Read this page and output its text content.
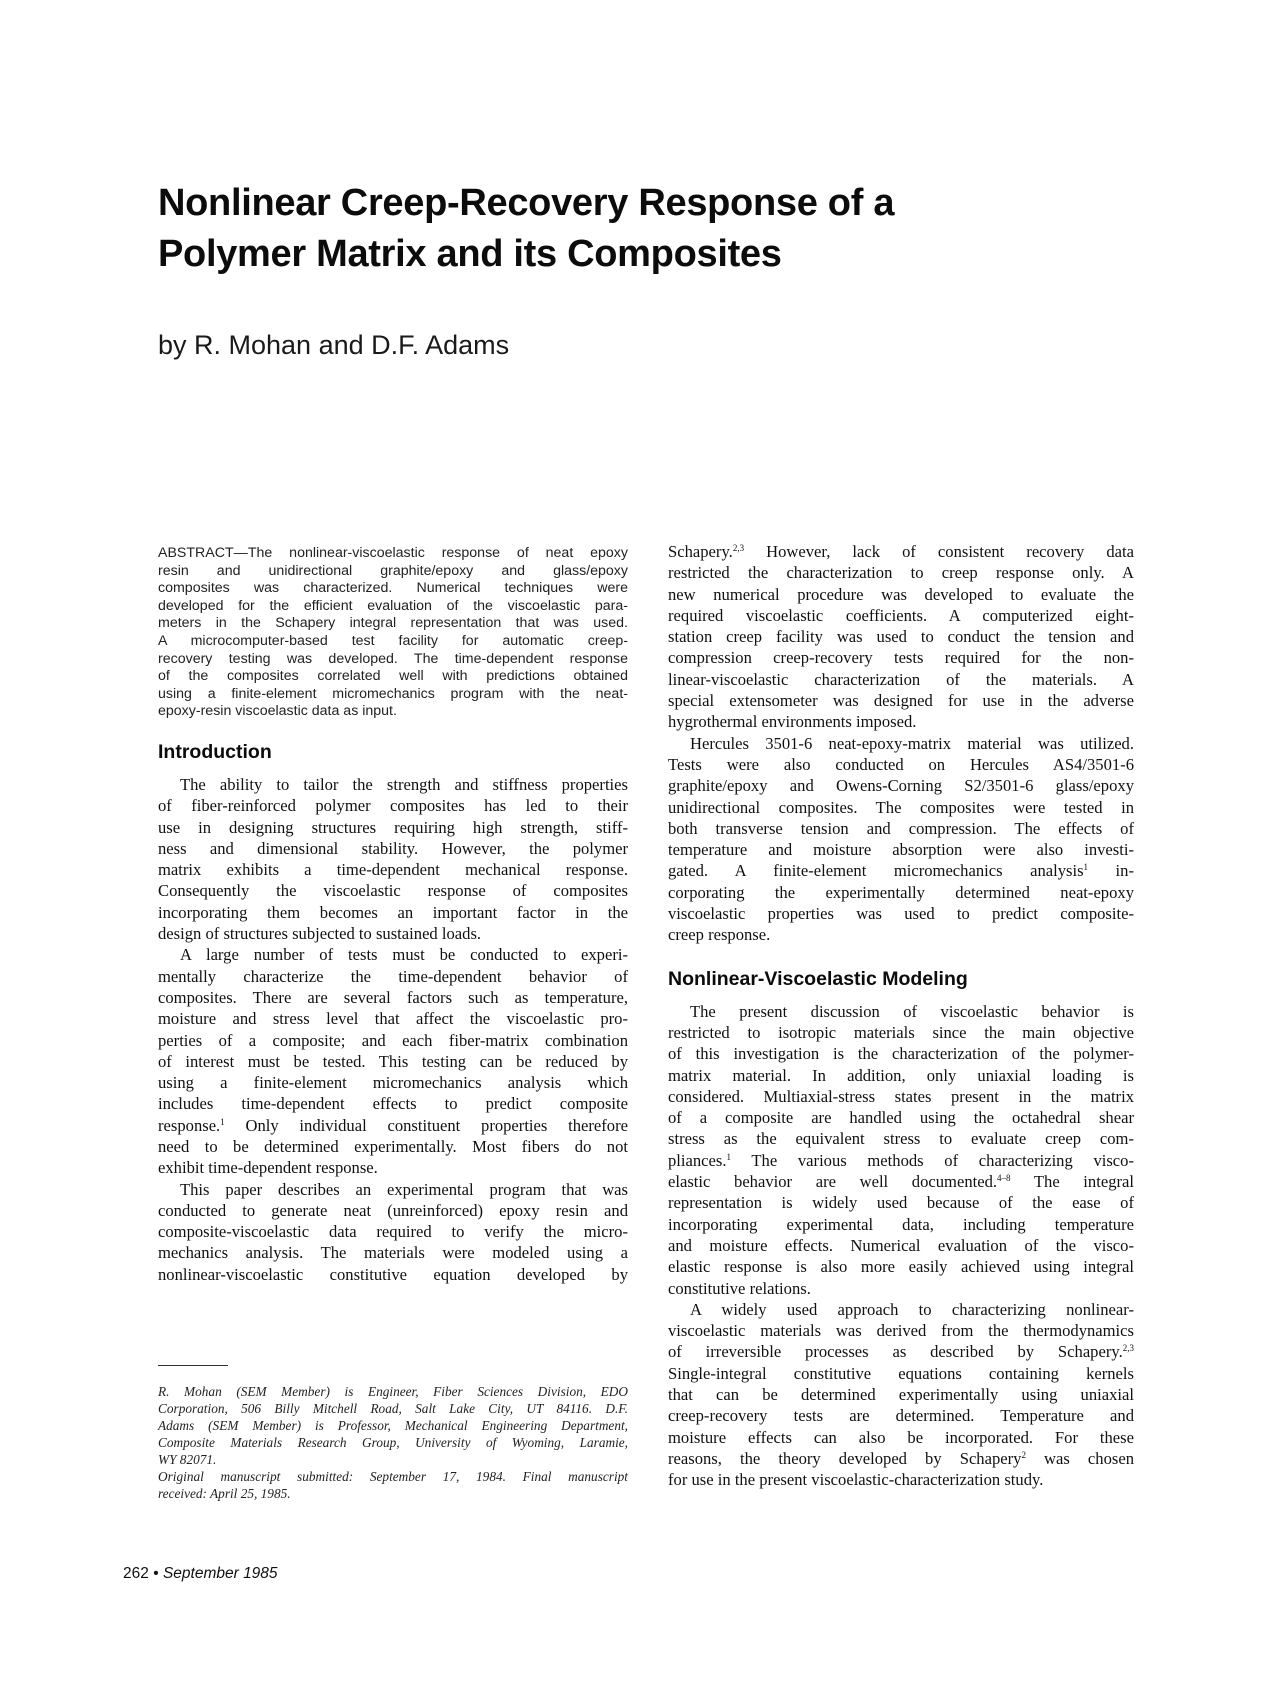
Nonlinear Creep-Recovery Response of a
Polymer Matrix and its Composites

by R. Mohan and D.F. Adams

ABSTRACT—The nonlinear-viscoelastic response of neat epoxy
resin and unidirectional graphite/epoxy and glass/epoxy
composites was characterized. Numerical techniques were
developed for the efficient evaluation of the viscoelastic para-
meters in the Schapery integral representation that was used.
A microcomputer-based test facility for automatic creep-
recovery testing was developed. The time-dependent response
of the composites correlated well with predictions obtained
using a finite-element micromechanics program with the neat-
epoxy-resin viscoelastic data as input.

Introduction

The ability to tailor the strength and stiffness properties
of fiber-reinforced polymer composites has led to their
use in designing structures requiring high strength, stiff-
ness and dimensional stability. However, the polymer
matrix exhibits a time-dependent mechanical response.
Consequently the viscoelastic response of composites
incorporating them becomes an important factor in the
design of structures subjected to sustained loads.

A large number of tests must be conducted to experi-
mentally characterize the time-dependent behavior of
composites. There are several factors such as temperature,
moisture and stress level that affect the viscoelastic pro-
perties of a composite; and each fiber-matrix combination
of interest must be tested. This testing can be reduced by
using a finite-element micromechanics analysis which
includes time-dependent effects to predict composite
response.$^1$ Only individual constituent properties therefore
need to be determined experimentally. Most fibers do not
exhibit time-dependent response.

This paper describes an experimental program that was
conducted to generate neat (unreinforced) epoxy resin and
composite-viscoelastic data required to verify the micro-
mechanics analysis. The materials were modeled using a
nonlinear-viscoelastic constitutive equation developed by

R. Mohan (SEM Member) is Engineer, Fiber Sciences Division, EDO
Corporation, 506 Billy Mitchell Road, Salt Lake City, UT 84116. D.F.
Adams (SEM Member) is Professor, Mechanical Engineering Department,
Composite Materials Research Group, University of Wyoming, Laramie,
WY 82071.

Original manuscript submitted: September 17, 1984. Final manuscript
received: April 25, 1985.

Schapery.$^{2,3}$ However, lack of consistent recovery data
restricted the characterization to creep response only. A
new numerical procedure was developed to evaluate the
required viscoelastic coefficients. A computerized eight-
station creep facility was used to conduct the tension and
compression creep-recovery tests required for the non-
linear-viscoelastic characterization of the materials. A
special extensometer was designed for use in the adverse
hygrothermal environments imposed.

Hercules 3501-6 neat-epoxy-matrix material was utilized.
Tests were also conducted on Hercules AS4/3501-6
graphite/epoxy and Owens-Corning S2/3501-6 glass/epoxy
unidirectional composites. The composites were tested in
both transverse tension and compression. The effects of
temperature and moisture absorption were also investi-
gated. A finite-element micromechanics analysis$^1$ in-
corporating the experimentally determined neat-epoxy
viscoelastic properties was used to predict composite-
creep response.

Nonlinear-Viscoelastic Modeling

The present discussion of viscoelastic behavior is
restricted to isotropic materials since the main objective
of this investigation is the characterization of the polymer-
matrix material. In addition, only uniaxial loading is
considered. Multiaxial-stress states present in the matrix
of a composite are handled using the octahedral shear
stress as the equivalent stress to evaluate creep com-
pliances.$^1$ The various methods of characterizing visco-
elastic behavior are well documented.$^{4-8}$ The integral
representation is widely used because of the ease of
incorporating experimental data, including temperature
and moisture effects. Numerical evaluation of the visco-
elastic response is also more easily achieved using integral
constitutive relations.

A widely used approach to characterizing nonlinear-
viscoelastic materials was derived from the thermodynamics
of irreversible processes as described by Schapery.$^{2,3}$
Single-integral constitutive equations containing kernels
that can be determined experimentally using uniaxial
creep-recovery tests are determined. Temperature and
moisture effects can also be incorporated. For these
reasons, the theory developed by Schapery$^2$ was chosen
for use in the present viscoelastic-characterization study.

262 • September 1985
